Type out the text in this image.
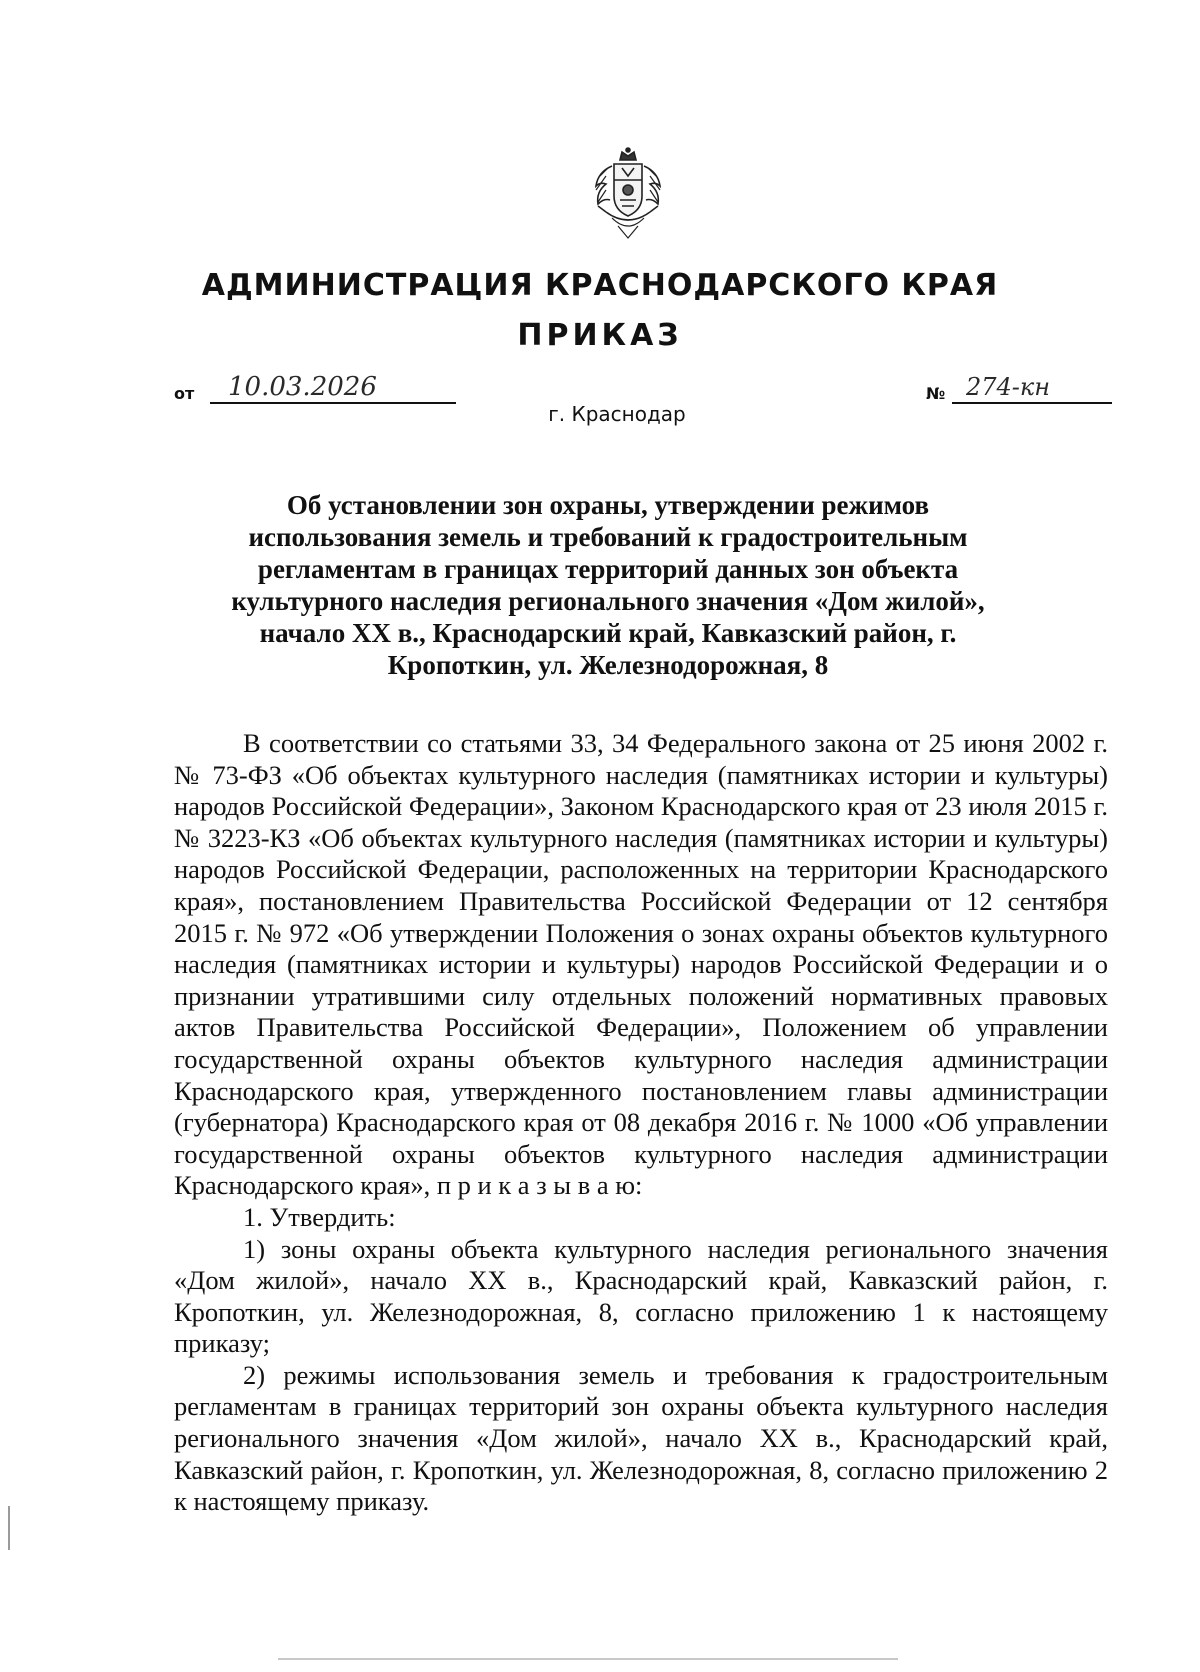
АДМИНИСТРАЦИЯ КРАСНОДАРСКОГО КРАЯ
ПРИКАЗ
от	10.03.2026	№ 274-кн
г. Краснодар
Об установлении зон охраны, утверждении режимов использования земель и требований к градостроительным регламентам в границах территорий данных зон объекта культурного наследия регионального значения «Дом жилой», начало XX в., Краснодарский край, Кавказский район, г. Кропоткин, ул. Железнодорожная, 8

В соответствии со статьями 33, 34 Федерального закона от 25 июня 2002 г. № 73-ФЗ «Об объектах культурного наследия (памятниках истории и культуры) народов Российской Федерации», Законом Краснодарского края от 23 июля 2015 г. № 3223-КЗ «Об объектах культурного наследия (памятниках истории и культуры) народов Российской Федерации, расположенных на территории Краснодарского края», постановлением Правительства Российской Федерации от 12 сентября 2015 г. № 972 «Об утверждении Положения о зонах охраны объектов культурного наследия (памятниках истории и культуры) народов Российской Федерации и о признании утратившими силу отдельных положений нормативных правовых актов Правительства Российской Федерации», Положением об управлении государственной охраны объектов культурного наследия администрации Краснодарского края, утвержденного постановлением главы администрации (губернатора) Краснодарского края от 08 декабря 2016 г. № 1000 «Об управлении государственной охраны объектов культурного наследия администрации Краснодарского края», п р и к а з ы в а ю:

1. Утвердить:

1) зоны охраны объекта культурного наследия регионального значения «Дом жилой», начало XX в., Краснодарский край, Кавказский район, г. Кропоткин, ул. Железнодорожная, 8, согласно приложению 1 к настоящему приказу;

2) режимы использования земель и требования к градостроительным регламентам в границах территорий зон охраны объекта культурного наследия регионального значения «Дом жилой», начало XX в., Краснодарский край, Кавказский район, г. Кропоткин, ул. Железнодорожная, 8, согласно приложению 2 к настоящему приказу.
